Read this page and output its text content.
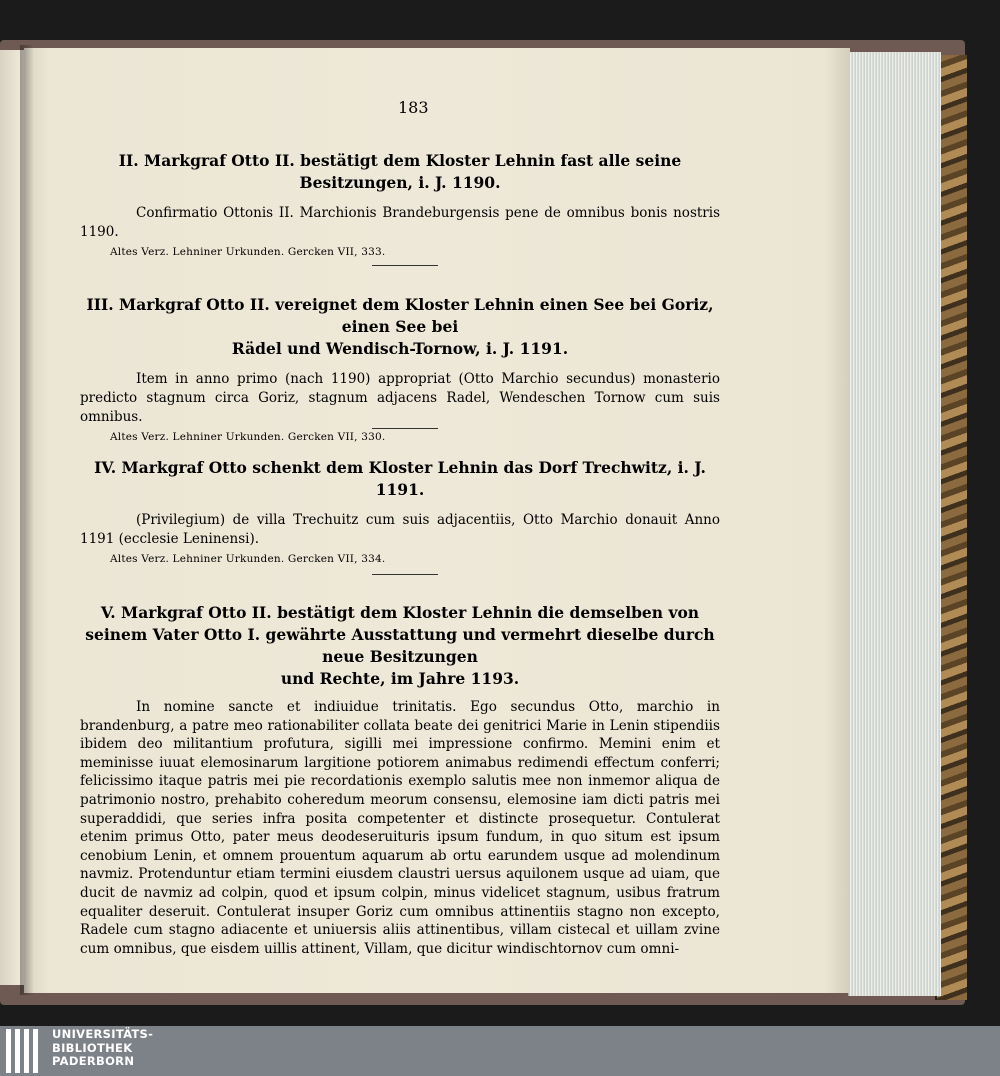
183
II. Markgraf Otto II. bestätigt dem Kloster Lehnin fast alle seine Besitzungen, i. J. 1190.
Confirmatio Ottonis II. Marchionis Brandeburgensis pene de omnibus bonis nostris 1190.
Altes Verz. Lehniner Urkunden. Gercken VII, 333.
III. Markgraf Otto II. vereignet dem Kloster Lehnin einen See bei Goriz, einen See bei
Rädel und Wendisch-Tornow, i. J. 1191.
Item in anno primo (nach 1190) appropriat (Otto Marchio secundus) monasterio predicto stagnum circa Goriz, stagnum adjacens Radel, Wendeschen Tornow cum suis omnibus.
Altes Verz. Lehniner Urkunden. Gercken VII, 330.
IV. Markgraf Otto schenkt dem Kloster Lehnin das Dorf Trechwitz, i. J. 1191.
(Privilegium) de villa Trechuitz cum suis adjacentiis, Otto Marchio donauit Anno 1191 (ecclesie Leninensi).
Altes Verz. Lehniner Urkunden. Gercken VII, 334.
V. Markgraf Otto II. bestätigt dem Kloster Lehnin die demselben von
seinem Vater Otto I. gewährte Ausstattung und vermehrt dieselbe durch neue Besitzungen
und Rechte, im Jahre 1193.
In nomine sancte et indiuidue trinitatis. Ego secundus Otto, marchio in brandenburg, a patre meo rationabiliter collata beate dei genitrici Marie in Lenin stipendiis ibidem deo militantium profutura, sigilli mei impressione confirmo. Memini enim et meminisse iuuat elemosinarum largitione potiorem animabus redimendi effectum conferri; felicissimo itaque patris mei pie recordationis exemplo salutis mee non inmemor aliqua de patrimonio nostro, prehabito coheredum meorum consensu, elemosine iam dicti patris mei superaddidi, que series infra posita competenter et distincte prosequetur. Contulerat etenim primus Otto, pater meus deodeseruituris ipsum fundum, in quo situm est ipsum cenobium Lenin, et omnem prouentum aquarum ab ortu earundem usque ad molendinum navmiz. Protenduntur etiam termini eiusdem claustri uersus aquilonem usque ad uiam, que ducit de navmiz ad colpin, quod et ipsum colpin, minus videlicet stagnum, usibus fratrum equaliter deseruit. Contulerat insuper Goriz cum omnibus attinentiis stagno non excepto, Radele cum stagno adiacente et uniuersis aliis attinentibus, villam cistecal et uillam zvine cum omnibus, que eisdem uillis attinent, Villam, que dicitur windischtornov cum omni-
UNIVERSITÄTS-
BIBLIOTHEK
PADERBORN
